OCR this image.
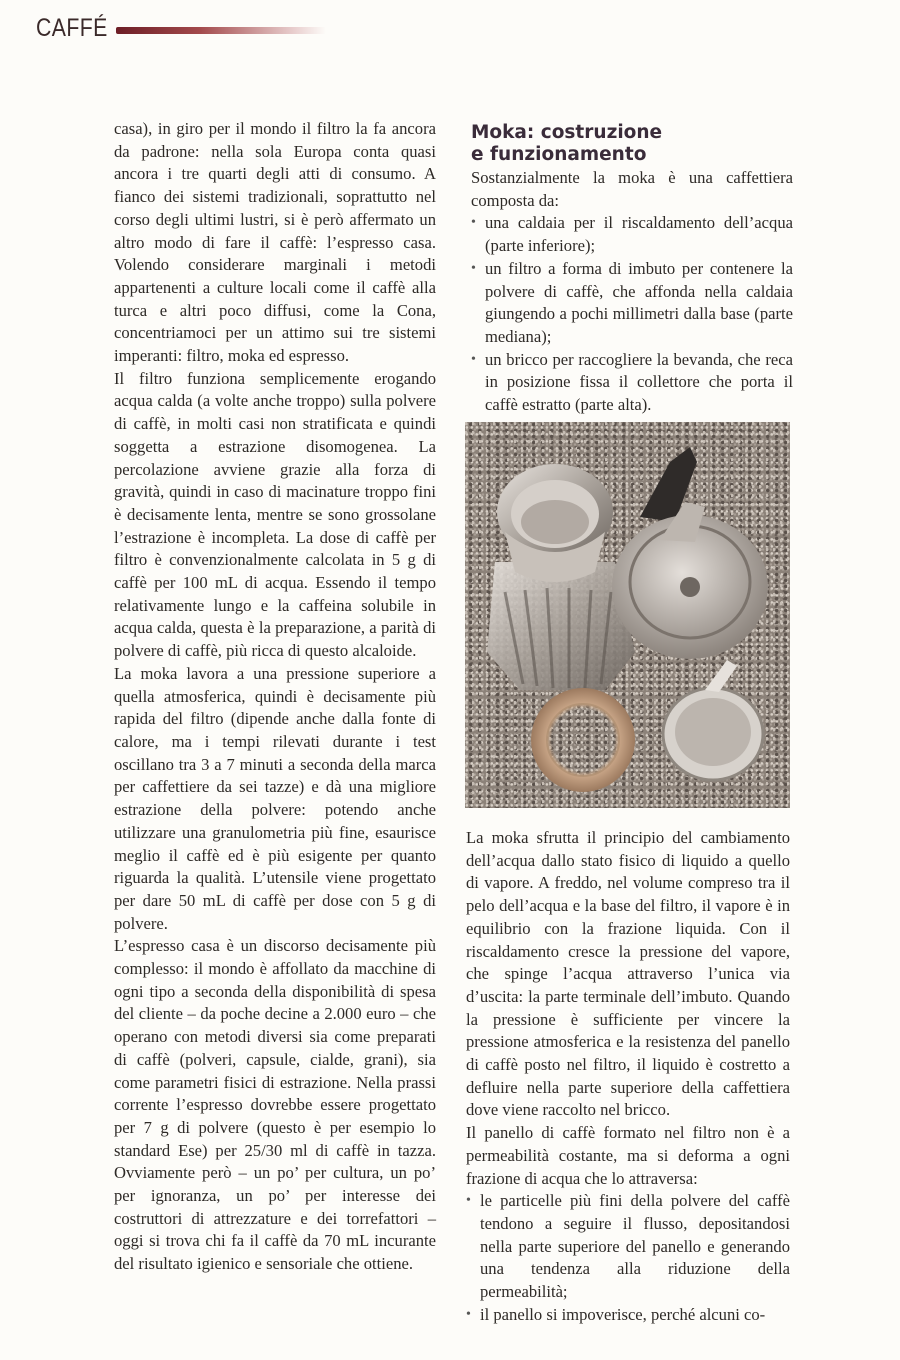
CAFFÉ

casa), in giro per il mondo il filtro la fa ancora da padrone: nella sola Europa conta quasi ancora i tre quarti degli atti di consumo. A fianco dei sistemi tradizionali, soprattutto nel corso degli ultimi lustri, si è però affermato un altro modo di fare il caffè: l’espresso casa. Volendo considerare marginali i metodi appartenenti a culture locali come il caffè alla turca e altri poco diffusi, come la Cona, concentriamoci per un attimo sui tre sistemi imperanti: filtro, moka ed espresso.

Il filtro funziona semplicemente erogando acqua calda (a volte anche troppo) sulla polvere di caffè, in molti casi non stratificata e quindi soggetta a estrazione disomogenea. La percolazione avviene grazie alla forza di gravità, quindi in caso di macinature troppo fini è decisamente lenta, mentre se sono grossolane l’estrazione è incompleta. La dose di caffè per filtro è convenzionalmente calcolata in 5 g di caffè per 100 mL di acqua. Essendo il tempo relativamente lungo e la caffeina solubile in acqua calda, questa è la preparazione, a parità di polvere di caffè, più ricca di questo alcaloide.

La moka lavora a una pressione superiore a quella atmosferica, quindi è decisamente più rapida del filtro (dipende anche dalla fonte di calore, ma i tempi rilevati durante i test oscillano tra 3 a 7 minuti a seconda della marca per caffettiere da sei tazze) e dà una migliore estrazione della polvere: potendo anche utilizzare una granulometria più fine, esaurisce meglio il caffè ed è più esigente per quanto riguarda la qualità. L’utensile viene progettato per dare 50 mL di caffè per dose con 5 g di polvere.

L’espresso casa è un discorso decisamente più complesso: il mondo è affollato da macchine di ogni tipo a seconda della disponibilità di spesa del cliente – da poche decine a 2.000 euro – che operano con metodi diversi sia come preparati di caffè (polveri, capsule, cialde, grani), sia come parametri fisici di estrazione. Nella prassi corrente l’espresso dovrebbe essere progettato per 7 g di polvere (questo è per esempio lo standard Ese) per 25/30 ml di caffè in tazza. Ovviamente però – un po’ per cultura, un po’ per ignoranza, un po’ per interesse dei costruttori di attrezzature e dei torrefattori – oggi si trova chi fa il caffè da 70 mL incurante del risultato igienico e sensoriale che ottiene.

Moka: costruzione
e funzionamento

Sostanzialmente la moka è una caffettiera composta da:

• una caldaia per il riscaldamento dell’acqua (parte inferiore);
• un filtro a forma di imbuto per contenere la polvere di caffè, che affonda nella caldaia giungendo a pochi millimetri dalla base (parte mediana);
• un bricco per raccogliere la bevanda, che reca in posizione fissa il collettore che porta il caffè estratto (parte alta).

La moka sfrutta il principio del cambiamento dell’acqua dallo stato fisico di liquido a quello di vapore. A freddo, nel volume compreso tra il pelo dell’acqua e la base del filtro, il vapore è in equilibrio con la frazione liquida. Con il riscaldamento cresce la pressione del vapore, che spinge l’acqua attraverso l’unica via d’uscita: la parte terminale dell’imbuto. Quando la pressione è sufficiente per vincere la pressione atmosferica e la resistenza del panello di caffè posto nel filtro, il liquido è costretto a defluire nella parte superiore della caffettiera dove viene raccolto nel bricco.

Il panello di caffè formato nel filtro non è a permeabilità costante, ma si deforma a ogni frazione di acqua che lo attraversa:

• le particelle più fini della polvere del caffè tendono a seguire il flusso, depositandosi nella parte superiore del panello e generando una tendenza alla riduzione della permeabilità;
• il panello si impoverisce, perché alcuni co-
